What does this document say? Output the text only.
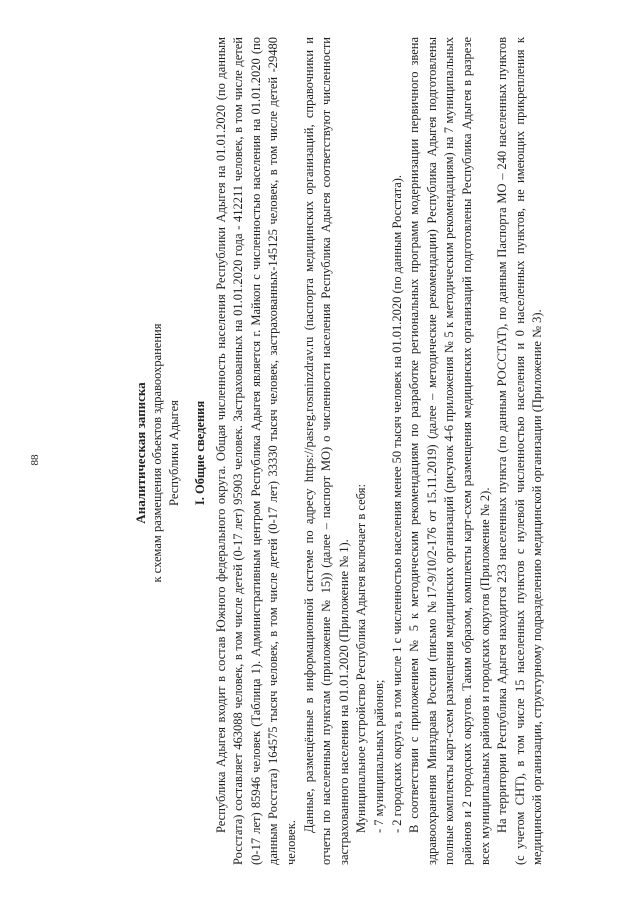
88	Аналитическая записка к схемам размещения объектов здравоохранения Республики Адыгея I. Общие сведения Республика Адыгея входит в состав Южного федерального округа. Общая численность населения Республики Адыгея на 01.01.2020 (по данным Росстата) составляет 463088 человек, в том числе детей (0-17 лет) 95903 человек. Застрахованных на 01.01.2020 года - 412211 человек, в том числе детей (0-17 лет) 85946 человек (Таблица 1). Административным центром Республика Адыгея является г. Майкоп с численностью населения на 01.01.2020 (по данным Росстата) 164575 тысяч человек, в том числе детей (0-17 лет) 33330 тысяч человек, застрахованных-145125 человек, в том числе детей -29480 человек.

Данные, размещённые в информационной системе по адресу https://pasreg.rosminzdrav.ru (паспорта медицинских организаций, справочники и отчеты по населенным пунктам (приложение № 15)) (далее – паспорт МО) о численности населения Республика Адыгея соответствуют численности застрахованного населения на 01.01.2020 (Приложение № 1). Муниципальное устройство Республика Адыгея включает в себя: - 7 муниципальных районов; - 2 городских округа, в том числе 1 с численностью населения менее 50 тысяч человек на 01.01.2020 (по данным Росстата). В соответствии с приложением № 5 к методическим рекомендациям по разработке региональных программ модернизации первичного звена здравоохранения Минздрава России (письмо №17-9/10/2-176 от 15.11.2019) (далее – методические рекомендации) Республика Адыгея подготовлены полные комплекты карт-схем размещения медицинских организаций (рисунок 4-6 приложения № 5 к методическим рекомендациям) на 7 муниципальных районов и 2 городских округов. Таким образом, комплекты карт-схем размещения медицинских организаций подготовлены Республика Адыгея в разрезе всех муниципальных районов и городских округов (Приложение № 2). На территории Республика Адыгея находится 233 населенных пункта (по данным РОССТАТ), по данным Паспорта МО – 240 населенных пунктов (с учетом СНТ), в том числе 15 населенных пунктов с нулевой численностью населения и 0 населенных пунктов, не имеющих прикрепления к медицинской организации, структурному подразделению медицинской организации (Приложение № 3).
